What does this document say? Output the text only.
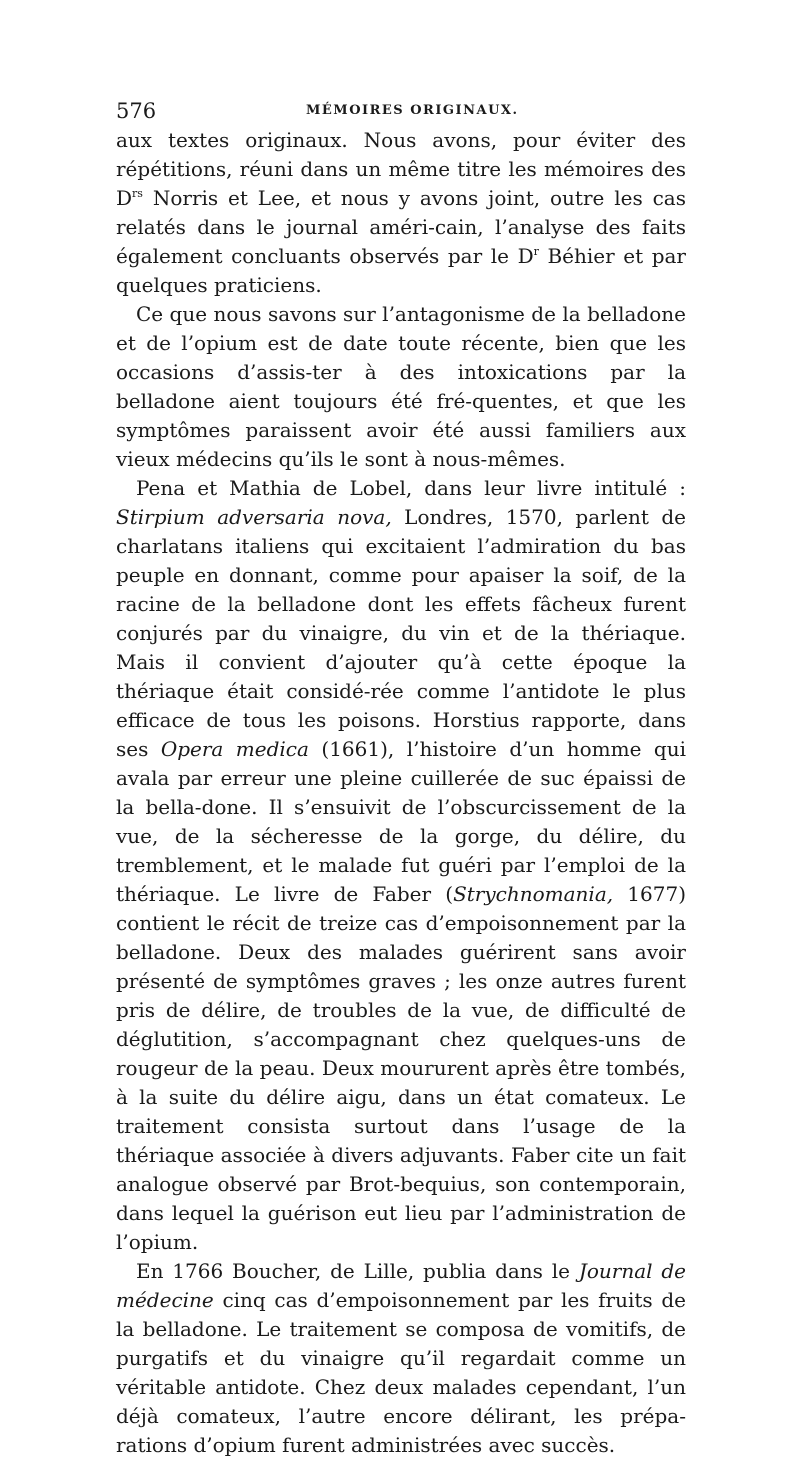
576	MÉMOIRES ORIGINAUX.

aux textes originaux. Nous avons, pour éviter des répétitions, réuni dans un même titre les mémoires des $D^{rs}$ Norris et Lee, et nous y avons joint, outre les cas relatés dans le journal améri-cain, l’analyse des faits également concluants observés par le $D^r$ Béhier et par quelques praticiens.

Ce que nous savons sur l’antagonisme de la belladone et de l’opium est de date toute récente, bien que les occasions d’assis-ter à des intoxications par la belladone aient toujours été fré-quentes, et que les symptômes paraissent avoir été aussi familiers aux vieux médecins qu’ils le sont à nous-mêmes.

Pena et Mathia de Lobel, dans leur livre intitulé : Stirpium adversaria nova, Londres, 1570, parlent de charlatans italiens qui excitaient l’admiration du bas peuple en donnant, comme pour apaiser la soif, de la racine de la belladone dont les effets fâcheux furent conjurés par du vinaigre, du vin et de la thériaque. Mais il convient d’ajouter qu’à cette époque la thériaque était considé-rée comme l’antidote le plus efficace de tous les poisons. Horstius rapporte, dans ses Opera medica (1661), l’histoire d’un homme qui avala par erreur une pleine cuillerée de suc épaissi de la bella-done. Il s’ensuivit de l’obscurcissement de la vue, de la sécheresse de la gorge, du délire, du tremblement, et le malade fut guéri par l’emploi de la thériaque. Le livre de Faber (Strychnomania, 1677) contient le récit de treize cas d’empoisonnement par la belladone. Deux des malades guérirent sans avoir présenté de symptômes graves ; les onze autres furent pris de délire, de troubles de la vue, de difficulté de déglutition, s’accompagnant chez quelques-uns de rougeur de la peau. Deux moururent après être tombés, à la suite du délire aigu, dans un état comateux. Le traitement consista surtout dans l’usage de la thériaque associée à divers adjuvants. Faber cite un fait analogue observé par Brot-bequius, son contemporain, dans lequel la guérison eut lieu par l’administration de l’opium.

En 1766 Boucher, de Lille, publia dans le Journal de médecine cinq cas d’empoisonnement par les fruits de la belladone. Le traitement se composa de vomitifs, de purgatifs et du vinaigre qu’il regardait comme un véritable antidote. Chez deux malades cependant, l’un déjà comateux, l’autre encore délirant, les prépa-rations d’opium furent administrées avec succès.
